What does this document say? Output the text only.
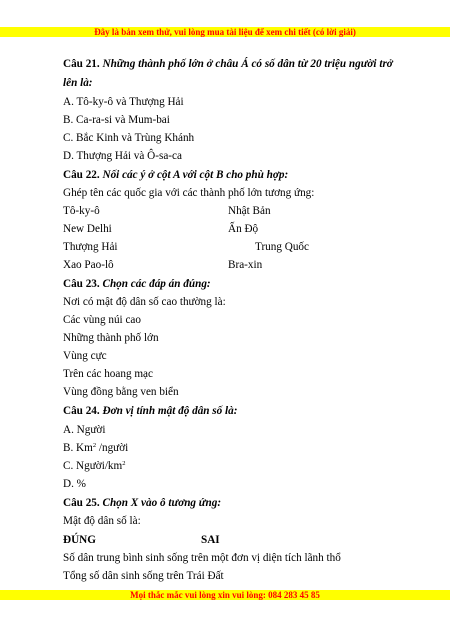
Đây là bản xem thử, vui lòng mua tài liệu để xem chi tiết (có lời giải)
Câu 21. Những thành phố lớn ở châu Á có số dân từ 20 triệu người trở
lên là:
A. Tô-ky-ô và Thượng Hải
B. Ca-ra-si và Mum-bai
C. Bắc Kinh và Trùng Khánh
D. Thượng Hải và Ô-sa-ca
Câu 22. Nối các ý ở cột A với cột B cho phù hợp:
Ghép tên các quốc gia với các thành phố lớn tương ứng:
Tô-ky-ô	Nhật Bản
New Delhi	Ấn Độ
Thượng Hải	Trung Quốc
Xao Pao-lô	Bra-xin
Câu 23. Chọn các đáp án đúng:
Nơi có mật độ dân số cao thường là:
Các vùng núi cao
Những thành phố lớn
Vùng cực
Trên các hoang mạc
Vùng đồng bằng ven biển
Câu 24. Đơn vị tính mật độ dân số là:
A. Người
B. Km$^2$ /người
C. Người/$km^2$
D. %
Câu 25. Chọn X vào ô tương ứng:
Mật độ dân số là:
ĐÚNG	SAI
Số dân trung bình sinh sống trên một đơn vị diện tích lãnh thổ
Tổng số dân sinh sống trên Trái Đất
Mọi thắc mắc vui lòng xin vui lòng: 084 283 45 85
